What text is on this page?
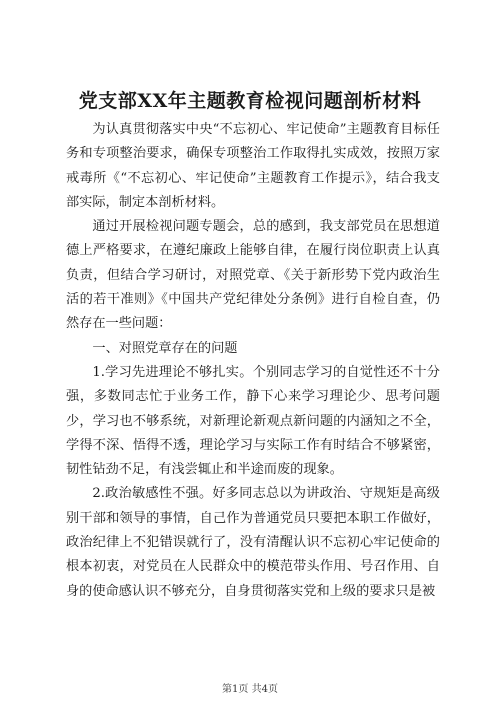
党支部XX年主题教育检视问题剖析材料

为认真贯彻落实中央“不忘初心、牢记使命”主题教育目标任务和专项整治要求，确保专项整治工作取得扎实成效，按照万家戒毒所《“不忘初心、牢记使命”主题教育工作提示》，结合我支部实际，制定本剖析材料。

通过开展检视问题专题会，总的感到，我支部党员在思想道德上严格要求，在遵纪廉政上能够自律，在履行岗位职责上认真负责，但结合学习研讨，对照党章、《关于新形势下党内政治生活的若干准则》《中国共产党纪律处分条例》进行自检自查，仍然存在一些问题：

一、对照党章存在的问题

1.学习先进理论不够扎实。个别同志学习的自觉性还不十分强，多数同志忙于业务工作，静下心来学习理论少、思考问题少，学习也不够系统，对新理论新观点新问题的内涵知之不全，学得不深、悟得不透，理论学习与实际工作有时结合不够紧密，韧性钻劲不足，有浅尝辄止和半途而废的现象。

2.政治敏感性不强。好多同志总以为讲政治、守规矩是高级别干部和领导的事情，自己作为普通党员只要把本职工作做好，政治纪律上不犯错误就行了，没有清醒认识不忘初心牢记使命的根本初衷，对党员在人民群众中的模范带头作用、号召作用、自身的使命感认识不够充分，自身贯彻落实党和上级的要求只是被

第1页 共4页
